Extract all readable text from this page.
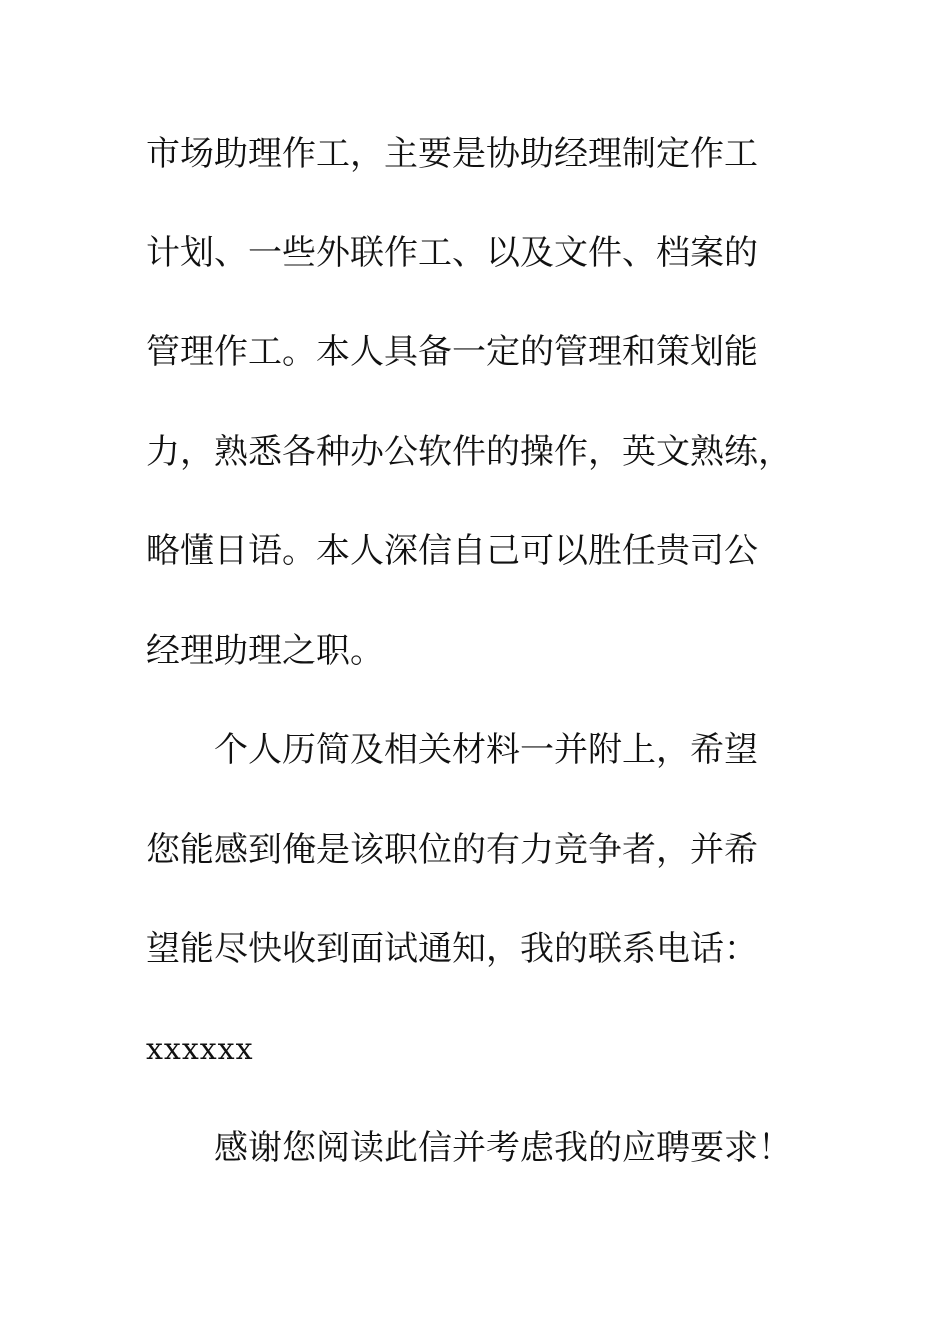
市场助理作工，主要是协助经理制定作工

计划、一些外联作工、以及文件、档案的

管理作工。本人具备一定的管理和策划能

力，熟悉各种办公软件的操作，英文熟练，

略懂日语。本人深信自己可以胜任贵司公

经理助理之职。

个人历简及相关材料一并附上，希望

您能感到俺是该职位的有力竞争者，并希

望能尽快收到面试通知，我的联系电话：

xxxxxx

感谢您阅读此信并考虑我的应聘要求！
